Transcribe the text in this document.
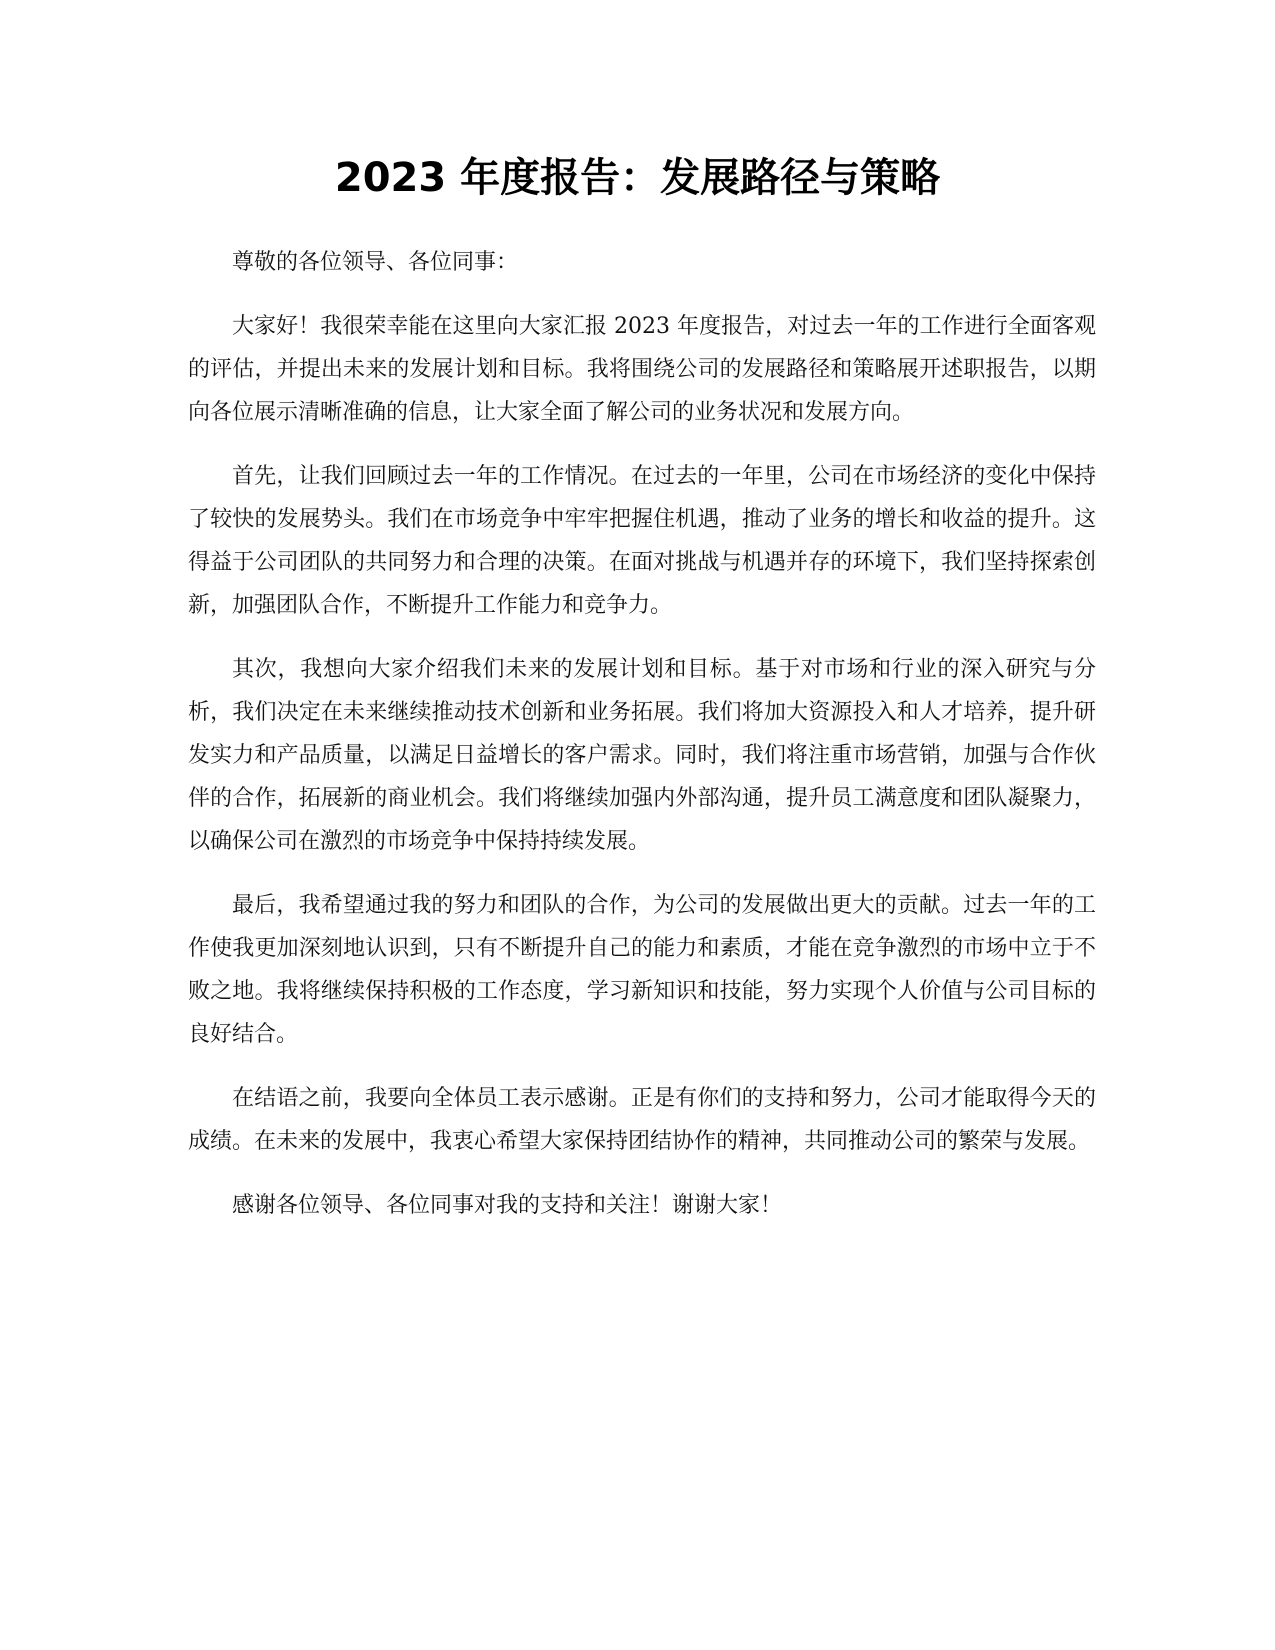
2023 年度报告：发展路径与策略

尊敬的各位领导、各位同事：

大家好！我很荣幸能在这里向大家汇报 2023 年度报告，对过去一年的工作进行全面客观的评估，并提出未来的发展计划和目标。我将围绕公司的发展路径和策略展开述职报告，以期向各位展示清晰准确的信息，让大家全面了解公司的业务状况和发展方向。

首先，让我们回顾过去一年的工作情况。在过去的一年里，公司在市场经济的变化中保持了较快的发展势头。我们在市场竞争中牢牢把握住机遇，推动了业务的增长和收益的提升。这得益于公司团队的共同努力和合理的决策。在面对挑战与机遇并存的环境下，我们坚持探索创新，加强团队合作，不断提升工作能力和竞争力。

其次，我想向大家介绍我们未来的发展计划和目标。基于对市场和行业的深入研究与分析，我们决定在未来继续推动技术创新和业务拓展。我们将加大资源投入和人才培养，提升研发实力和产品质量，以满足日益增长的客户需求。同时，我们将注重市场营销，加强与合作伙伴的合作，拓展新的商业机会。我们将继续加强内外部沟通，提升员工满意度和团队凝聚力，以确保公司在激烈的市场竞争中保持持续发展。

最后，我希望通过我的努力和团队的合作，为公司的发展做出更大的贡献。过去一年的工作使我更加深刻地认识到，只有不断提升自己的能力和素质，才能在竞争激烈的市场中立于不败之地。我将继续保持积极的工作态度，学习新知识和技能，努力实现个人价值与公司目标的良好结合。

在结语之前，我要向全体员工表示感谢。正是有你们的支持和努力，公司才能取得今天的成绩。在未来的发展中，我衷心希望大家保持团结协作的精神，共同推动公司的繁荣与发展。

感谢各位领导、各位同事对我的支持和关注！谢谢大家！
